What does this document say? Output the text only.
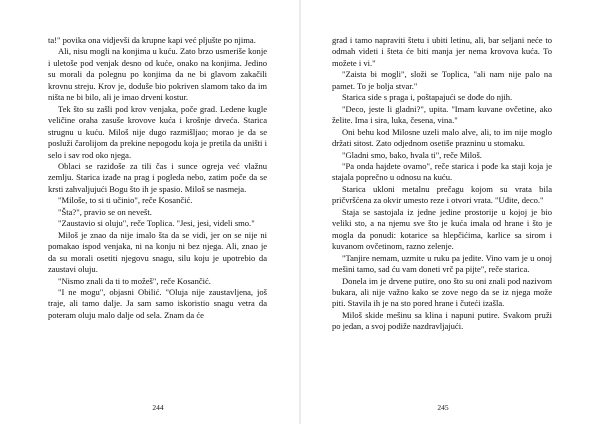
ta!" povika ona vidjevši da krupne kapi već pljušte po njima.

Ali, nisu mogli na konjima u kuću. Zato brzo usmeriše konje i uletoše pod venjak desno od kuće, onako na konjima. Jedino su morali da polegnu po konjima da ne bi glavom zakačili krovnu streju. Krov je, doduše bio pokriven slamom tako da im ništa ne bi bilo, ali je imao drveni kostur.

Tek što su zašli pod krov venjaka, poče grad. Ledene kugle veličine oraha zasuše krovove kuća i krošnje drveća. Starica strugnu u kuću. Miloš nije dugo razmišljao; morao je da se posluži čarolijom da prekine nepogodu koja je pretila da uništi i selo i sav rod oko njega.

Oblaci se raziđoše za tili čas i sunce ogreja već vlažnu zemlju. Starica izađe na prag i pogleda nebo, zatim poče da se krsti zahvaljujući Bogu što ih je spasio. Miloš se nasmeja.

"Miloše, to si ti učinio", reče Kosančić.

"Šta?", pravio se on nevešt.

"Zaustavio si oluju", reče Toplica. "Jesi, jesi, videli smo."

Miloš je znao da nije imalo šta da se vidi, jer on se nije ni pomakao ispod venjaka, ni na konju ni bez njega. Ali, znao je da su morali osetiti njegovu snagu, silu koju je upotrebio da zaustavi oluju.

"Nismo znali da ti to možeš", reče Kosančić.

"I ne mogu", objasni Obilić. "Oluja nije zaustavljena, još traje, ali tamo dalje. Ja sam samo iskoristio snagu vetra da poteram oluju malo dalje od sela. Znam da će

244

grad i tamo napraviti štetu i ubiti letinu, ali, bar seljani neće to odmah videti i šteta će biti manja jer nema krovova kuća. To možete i vi."

"Zaista bi mogli", složi se Toplica, "ali nam nije palo na pamet. To je bolja stvar."

Starica side s praga i, poštapajući se dođe do njih.

"Deco, jeste li gladni?", upita. "Imam kuvane ovčetine, ako želite. Ima i sira, luka, česena, vina."

Oni behu kod Milosne uzeli malo alve, ali, to im nije moglo držati sitost. Zato odjednom osetiše prazninu u stomaku.

"Gladni smo, bako, hvala ti", reče Miloš.

"Pa onda hajdete ovamo", reče starica i pođe ka staji koja je stajala poprečno u odnosu na kuću.

Starica ukloni metalnu prečagu kojom su vrata bila pričvršćena za okvir umesto reze i otvori vrata. "Uđite, deco."

Staja se sastojala iz jedne jedine prostorije u kojoj je bio veliki sto, a na njemu sve što je kuća imala od hrane i što je mogla da ponudi: kotarice sa hlepčićima, karlice sa sirom i kuvanom ovčetinom, razno zelenje.

"Tanjire nemam, uzmite u ruku pa jedite. Vino vam je u onoj mešini tamo, sad ću vam doneti vrč pa pijte", reče starica.

Donela im je drvene putire, ono što su oni znali pod nazivom bukara, ali nije važno kako se zove nego da se iz njega može piti. Stavila ih je na sto pored hrane i čuteći izašla.

Miloš skide mešinu sa klina i napuni putire. Svakom pruži po jedan, a svoj podiže nazdravljajući.

245
